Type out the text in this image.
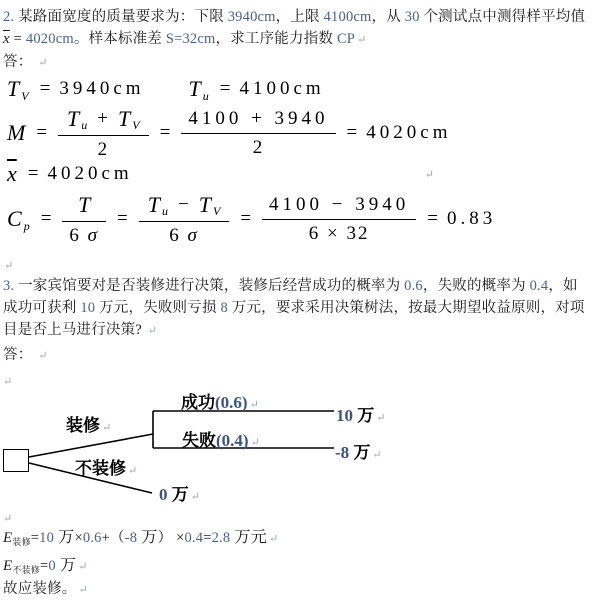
2. 某路面宽度的质量要求为：下限 3940cm，上限 4100cm，从 30 个测试点中测得样平均值
$\overline{x} = 4020cm$。样本标准差 S=32cm，求工序能力指数 CP ↵
答： ↵
T V = 3940cm T u = 4100cm
$M = \frac{\text{T u + T V}}{2} = \frac{4100 + 3940}{2} = 4020cm$
$\overline{x} = 4020cm$	↵
C $p = \frac{T}{6 \sigma} = \frac{\text{T u − T V}}{6 \sigma} = \frac{4100 - 3940}{6 \times 32} = 0.83$
↵
3. 一家宾馆要对是否装修进行决策，装修后经营成功的概率为 0.6，失败的概率为 0.4，如
成功可获利 10 万元，失败则亏损 8 万元，要求采用决策树法，按最大期望收益原则，对项
目是否上马进行决策? ↵
答： ↵
↵
装修 ↵
成功(0.6) ↵
10 万 ↵
失败(0.4) ↵	-8 万 ↵
不装修 ↵
0 万 ↵
↵
$E_{装修}=10$ 万×0.6+（-8 万） ×0.4=2.8 万元 ↵
$E_{不装修}=0$ 万 ↵
故应装修。 ↵
